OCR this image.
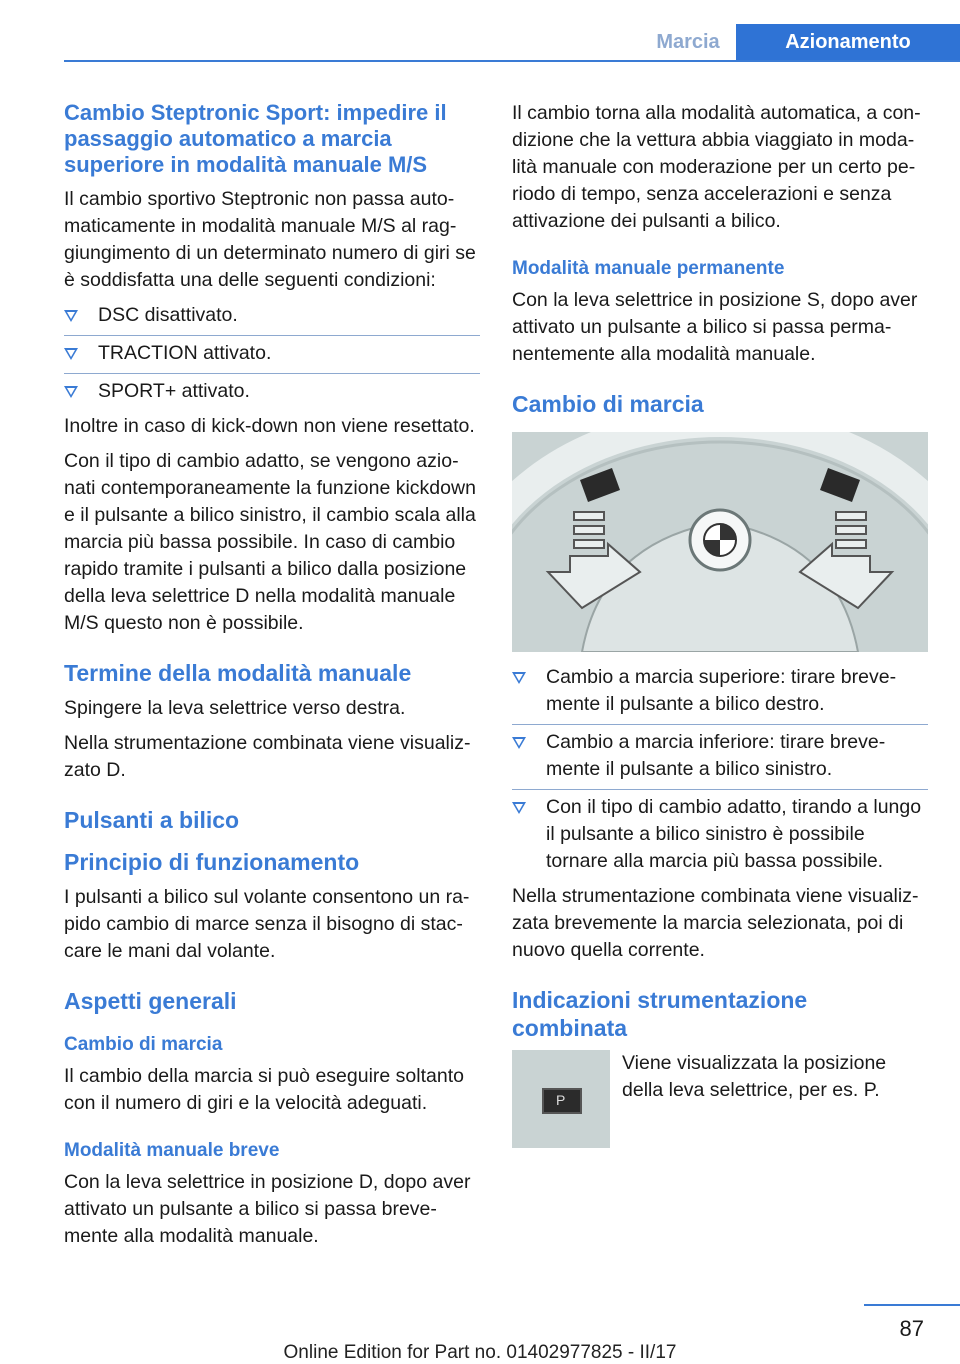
Marcia	Azionamento
Cambio Steptronic Sport: impedire il passaggio automatico a marcia superiore in modalità manuale M/S

Il cambio sportivo Steptronic non passa automaticamente in modalità manuale M/S al raggiungimento di un determinato numero di giri se è soddisfatta una delle seguenti condizioni:

DSC disattivato.
TRACTION attivato.
SPORT+ attivato.

Inoltre in caso di kick-down non viene resettato.

Con il tipo di cambio adatto, se vengono azionati contemporaneamente la funzione kickdown e il pulsante a bilico sinistro, il cambio scala alla marcia più bassa possibile. In caso di cambio rapido tramite i pulsanti a bilico dalla posizione della leva selettrice D nella modalità manuale M/S questo non è possibile.

Termine della modalità manuale

Spingere la leva selettrice verso destra.

Nella strumentazione combinata viene visualizzato D.

Pulsanti a bilico
Principio di funzionamento

I pulsanti a bilico sul volante consentono un rapido cambio di marce senza il bisogno di staccare le mani dal volante.

Aspetti generali
Cambio di marcia

Il cambio della marcia si può eseguire soltanto con il numero di giri e la velocità adeguati.

Modalità manuale breve

Con la leva selettrice in posizione D, dopo aver attivato un pulsante a bilico si passa brevemente alla modalità manuale.

Il cambio torna alla modalità automatica, a condizione che la vettura abbia viaggiato in modalità manuale con moderazione per un certo periodo di tempo, senza accelerazioni e senza attivazione dei pulsanti a bilico.

Modalità manuale permanente

Con la leva selettrice in posizione S, dopo aver attivato un pulsante a bilico si passa permanentemente alla modalità manuale.

Cambio di marcia
Cambio a marcia superiore: tirare brevemente il pulsante a bilico destro.
Cambio a marcia inferiore: tirare brevemente il pulsante a bilico sinistro.
Con il tipo di cambio adatto, tirando a lungo il pulsante a bilico sinistro è possibile tornare alla marcia più bassa possibile.

Nella strumentazione combinata viene visualizzata brevemente la marcia selezionata, poi di nuovo quella corrente.

Indicazioni strumentazione combinata
P

Viene visualizzata la posizione della leva selettrice, per es. P.

87
Online Edition for Part no. 01402977825 - II/17
